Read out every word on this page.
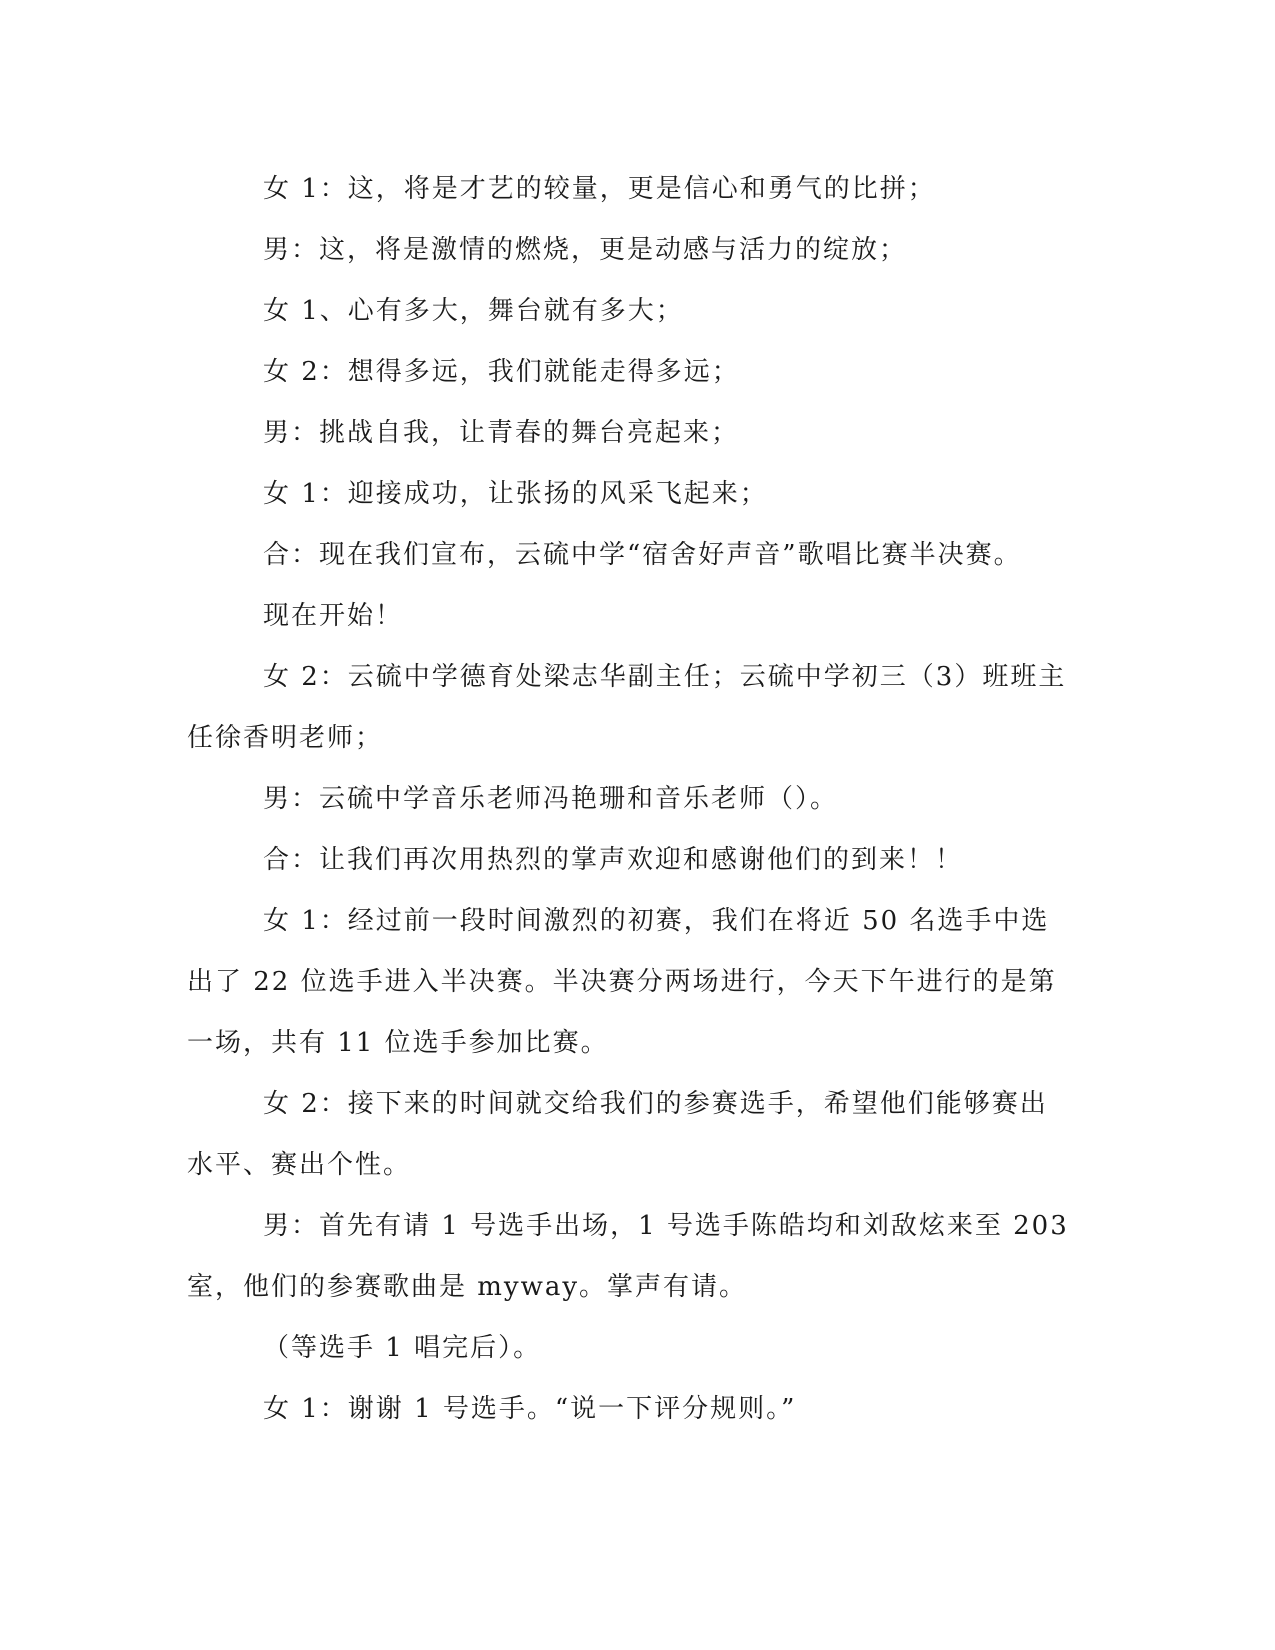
女 1：这，将是才艺的较量，更是信心和勇气的比拼；

男：这，将是激情的燃烧，更是动感与活力的绽放；

女 1、心有多大，舞台就有多大；

女 2：想得多远，我们就能走得多远；

男：挑战自我，让青春的舞台亮起来；

女 1：迎接成功，让张扬的风采飞起来；

合：现在我们宣布，云硫中学“宿舍好声音”歌唱比赛半决赛。

现在开始！

女 2：云硫中学德育处梁志华副主任；云硫中学初三（3）班班主任徐香明老师；

男：云硫中学音乐老师冯艳珊和音乐老师（）。

合：让我们再次用热烈的掌声欢迎和感谢他们的到来！！

女 1：经过前一段时间激烈的初赛，我们在将近 50 名选手中选出了 22 位选手进入半决赛。半决赛分两场进行，今天下午进行的是第一场，共有 11 位选手参加比赛。

女 2：接下来的时间就交给我们的参赛选手，希望他们能够赛出水平、赛出个性。

男：首先有请 1 号选手出场，1 号选手陈皓均和刘敌炫来至 203 室，他们的参赛歌曲是 myway。掌声有请。

（等选手 1 唱完后）。

女 1：谢谢 1 号选手。“说一下评分规则。”
